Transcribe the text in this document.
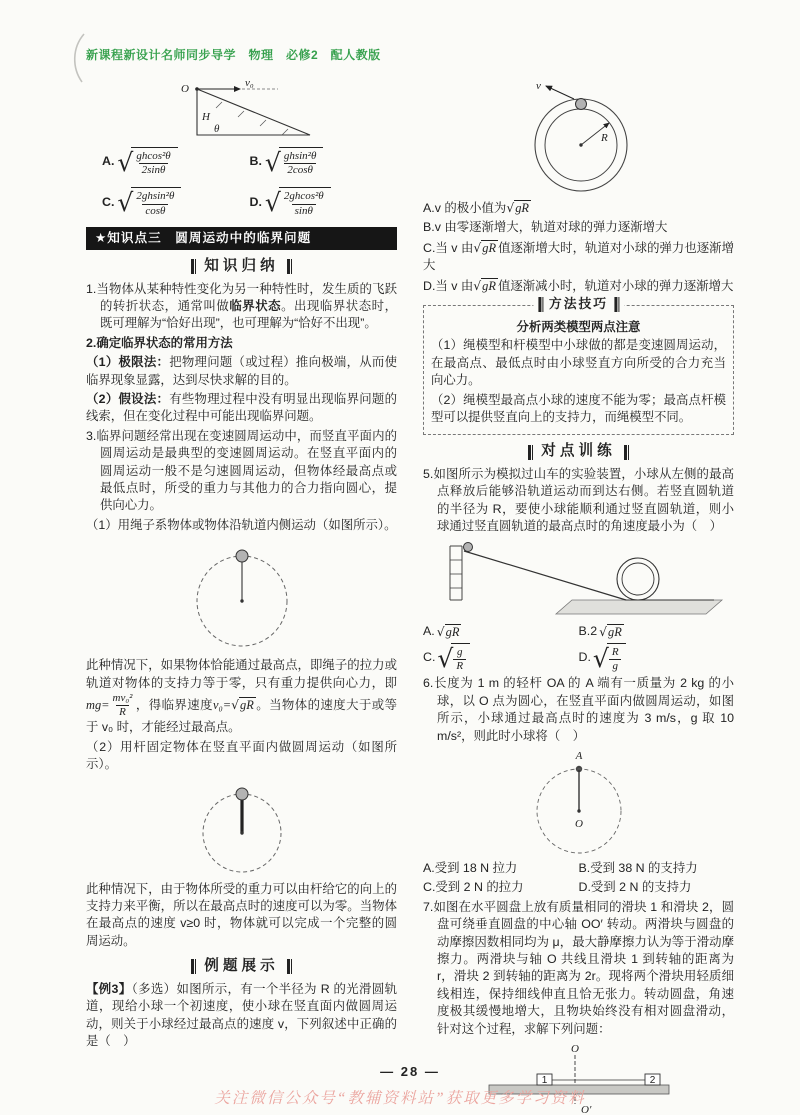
新课程新设计名师同步导学　物理　必修2　配人教版
O	v₀
H
θ
A. √ $\frac{\text{ghcos²θ}}{2\sin\theta}$	B. √ $\frac{\text{ghsin²θ}}{2\cos\theta}$
C. √ $\frac{\text{2ghsin²θ}}{\cos\theta}$	D. √ $\frac{\text{2ghcos²θ}}{\sin\theta}$
★知识点三　圆周运动中的临界问题
知识归纳

1.当物体从某种特性变化为另一种特性时，发生质的飞跃的转折状态，通常叫做临界状态。出现临界状态时，既可理解为“恰好出现”，也可理解为“恰好不出现”。

2.确定临界状态的常用方法

（1）极限法：把物理问题（或过程）推向极端，从而使临界现象显露，达到尽快求解的目的。

（2）假设法：有些物理过程中没有明显出现临界问题的线索，但在变化过程中可能出现临界问题。

3.临界问题经常出现在变速圆周运动中，而竖直平面内的圆周运动是最典型的变速圆周运动。在竖直平面内的圆周运动一般不是匀速圆周运动，但物体经最高点或最低点时，所受的重力与其他力的合力指向圆心，提供向心力。

（1）用绳子系物体或物体沿轨道内侧运动（如图所示）。

此种情况下，如果物体恰能通过最高点，即绳子的拉力或轨道对物体的支持力等于零，只有重力提供向心力，即$mg= \frac{\text{mv₀²}}{R}$ ，得临界速度v₀=√gR 。当物体的速度大于或等于 v₀ 时，才能经过最高点。

（2）用杆固定物体在竖直平面内做圆周运动（如图所示）。

此种情况下，由于物体所受的重力可以由杆给它的向上的支持力来平衡，所以在最高点时的速度可以为零。当物体在最高点的速度 v≥0 时，物体就可以完成一个完整的圆周运动。

例题展示

【例3】（多选）如图所示，有一个半径为 R 的光滑圆轨道，现给小球一个初速度，使小球在竖直面内做圆周运动，则关于小球经过最高点的速度 v，下列叙述中正确的是（　）

v
R

A.v 的极小值为√gR

B.v 由零逐渐增大，轨道对球的弹力逐渐增大

C.当 v 由√gR 值逐渐增大时，轨道对小球的弹力也逐渐增大

D.当 v 由√gR 值逐渐减小时，轨道对小球的弹力逐渐增大

方法技巧
分析两类模型两点注意

（1）绳模型和杆模型中小球做的都是变速圆周运动，在最高点、最低点时由小球竖直方向所受的合力充当向心力。

（2）绳模型最高点小球的速度不能为零；最高点杆模型可以提供竖直向上的支持力，而绳模型不同。

对点训练

5.如图所示为模拟过山车的实验装置，小球从左侧的最高点释放后能够沿轨道运动而到达右侧。若竖直圆轨道的半径为 R，要使小球能顺利通过竖直圆轨道，则小球通过竖直圆轨道的最高点时的角速度最小为（　）

A. √gR	B.2 √gR
C. √ $\frac{g}{R}$	D. √ $\frac{R}{g}$

6.长度为 1 m 的轻杆 OA 的 A 端有一质量为 2 kg 的小球，以 O 点为圆心，在竖直平面内做圆周运动，如图所示，小球通过最高点时的速度为 3 m/s，g 取 10 m/s²，则此时小球将（　）

A
O
A.受到 18 N 拉力	B.受到 38 N 的支持力
C.受到 2 N 的拉力	D.受到 2 N 的支持力

7.如图在水平圆盘上放有质量相同的滑块 1 和滑块 2，圆盘可绕垂直圆盘的中心轴 OO′ 转动。两滑块与圆盘的动摩擦因数相同均为 μ，最大静摩擦力认为等于滑动摩擦力。两滑块与轴 O 共线且滑块 1 到转轴的距离为 r，滑块 2 到转轴的距离为 2r。现将两个滑块用轻质细线相连，保持细线伸直且恰无张力。转动圆盘，角速度极其缓慢地增大，且物块始终没有相对圆盘滑动，针对这个过程，求解下列问题：

O
1	2
O′
— 28 —
关注微信公众号“教辅资料站”获取更多学习资料
